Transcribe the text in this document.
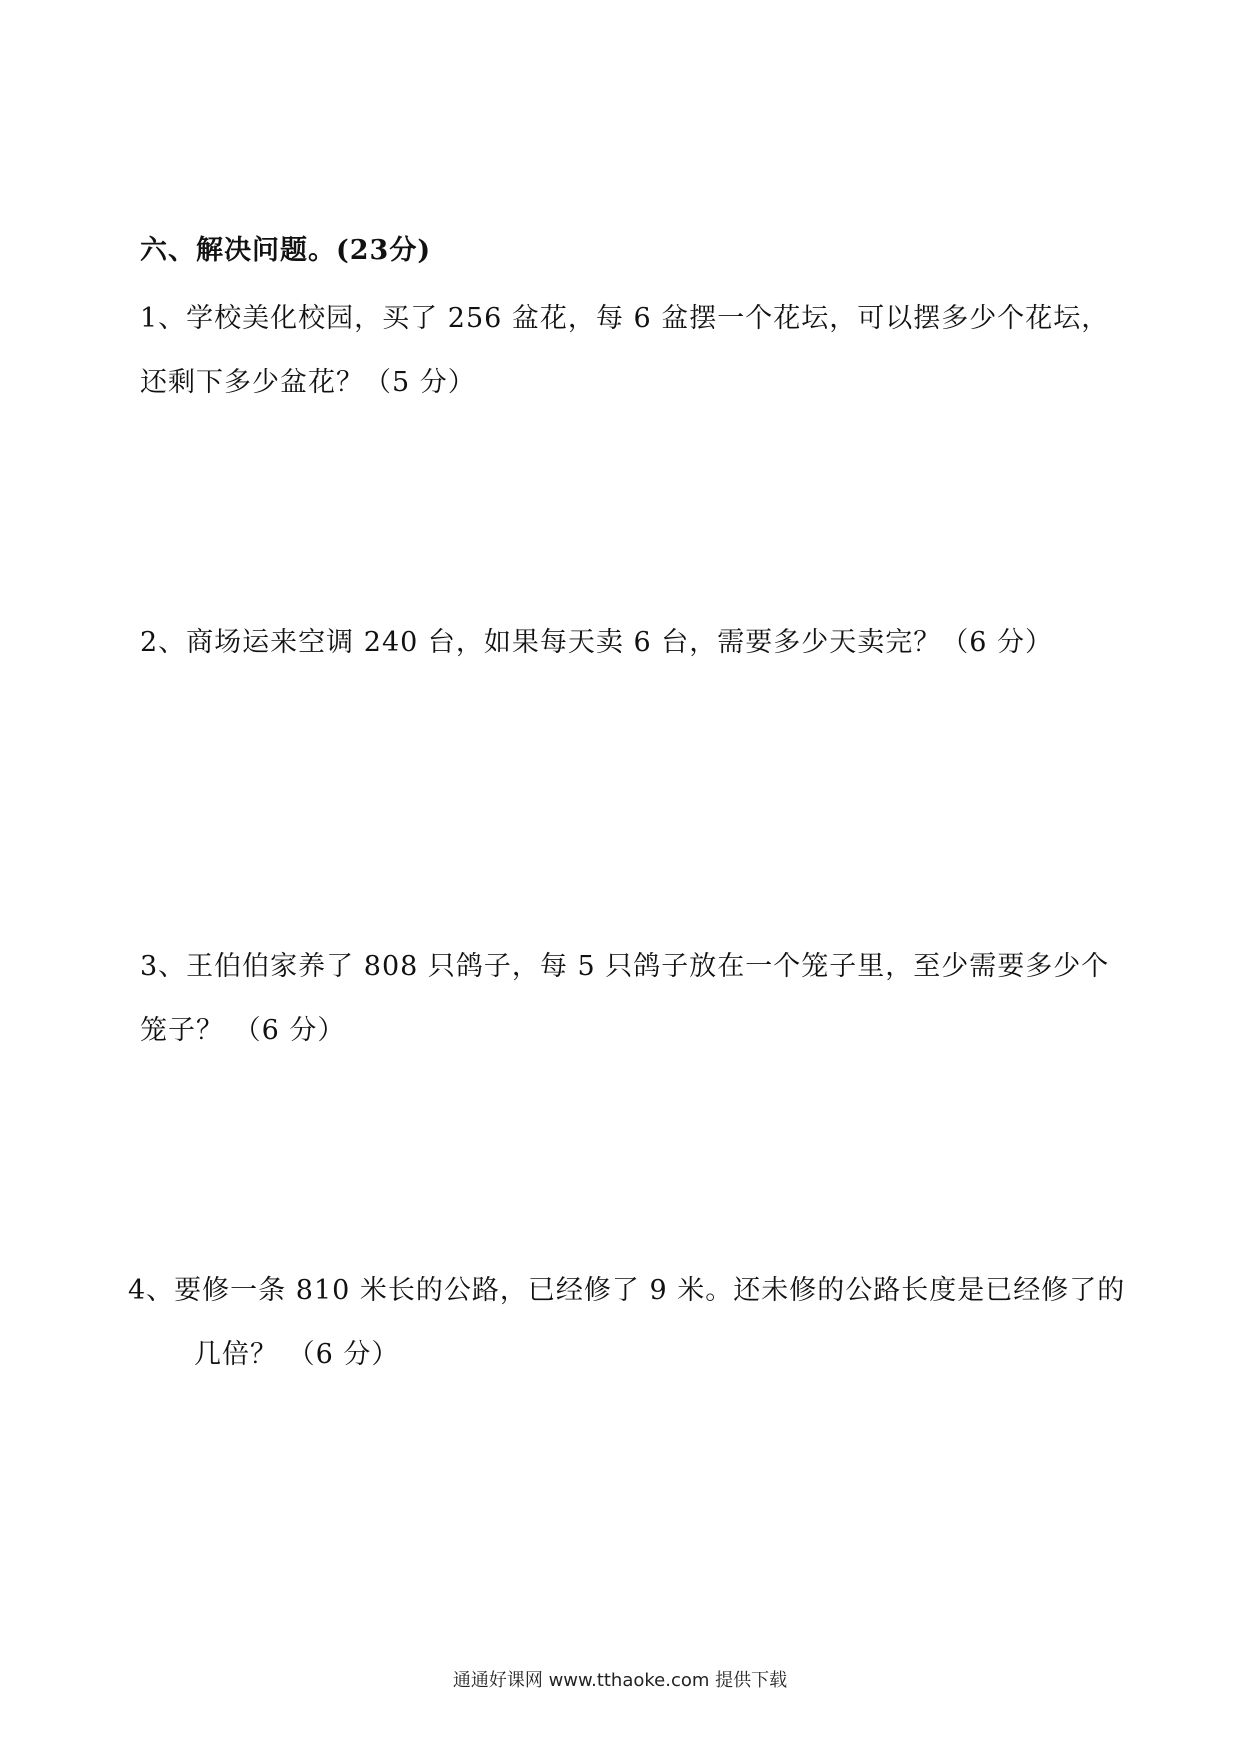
六、解决问题。(23分)
1、学校美化校园，买了 256 盆花，每 6 盆摆一个花坛，可以摆多少个花坛，
还剩下多少盆花？（5 分）
2、商场运来空调 240 台，如果每天卖 6 台，需要多少天卖完？（6 分）
3、王伯伯家养了 808 只鸽子，每 5 只鸽子放在一个笼子里，至少需要多少个
笼子？ （6 分）
4、要修一条 810 米长的公路，已经修了 9 米。还未修的公路长度是已经修了的
几倍？ （6 分）
通通好课网 www.tthaoke.com 提供下载
